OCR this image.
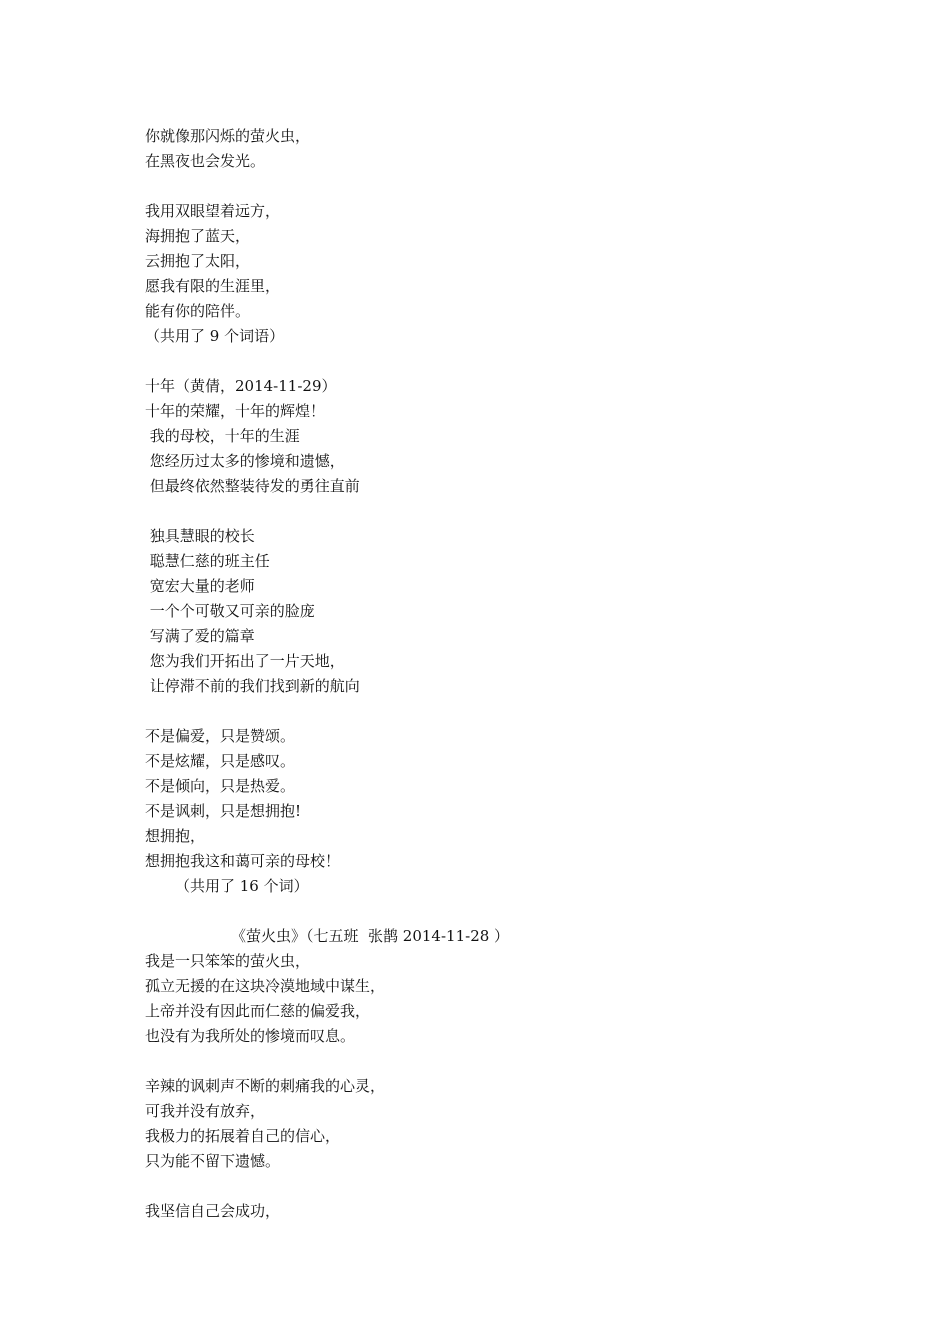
你就像那闪烁的萤火虫，
在黑夜也会发光。
我用双眼望着远方，
海拥抱了蓝天，
云拥抱了太阳，
愿我有限的生涯里，
能有你的陪伴。
（共用了 9 个词语）
十年（黄倩，2014-11-29）
十年的荣耀，十年的辉煌！
我的母校，十年的生涯
您经历过太多的惨境和遗憾，
但最终依然整装待发的勇往直前
独具慧眼的校长
聪慧仁慈的班主任
宽宏大量的老师
一个个可敬又可亲的脸庞
写满了爱的篇章
您为我们开拓出了一片天地，
让停滞不前的我们找到新的航向
不是偏爱，只是赞颂。
不是炫耀，只是感叹。
不是倾向，只是热爱。
不是讽刺，只是想拥抱!
想拥抱，
想拥抱我这和蔼可亲的母校！
（共用了 16 个词）
《萤火虫》（七五班  张鹊 2014-11-28 ）
我是一只笨笨的萤火虫，
孤立无援的在这块冷漠地域中谋生，
上帝并没有因此而仁慈的偏爱我，
也没有为我所处的惨境而叹息。
辛辣的讽刺声不断的刺痛我的心灵，
可我并没有放弃，
我极力的拓展着自己的信心，
只为能不留下遗憾。
我坚信自己会成功，
